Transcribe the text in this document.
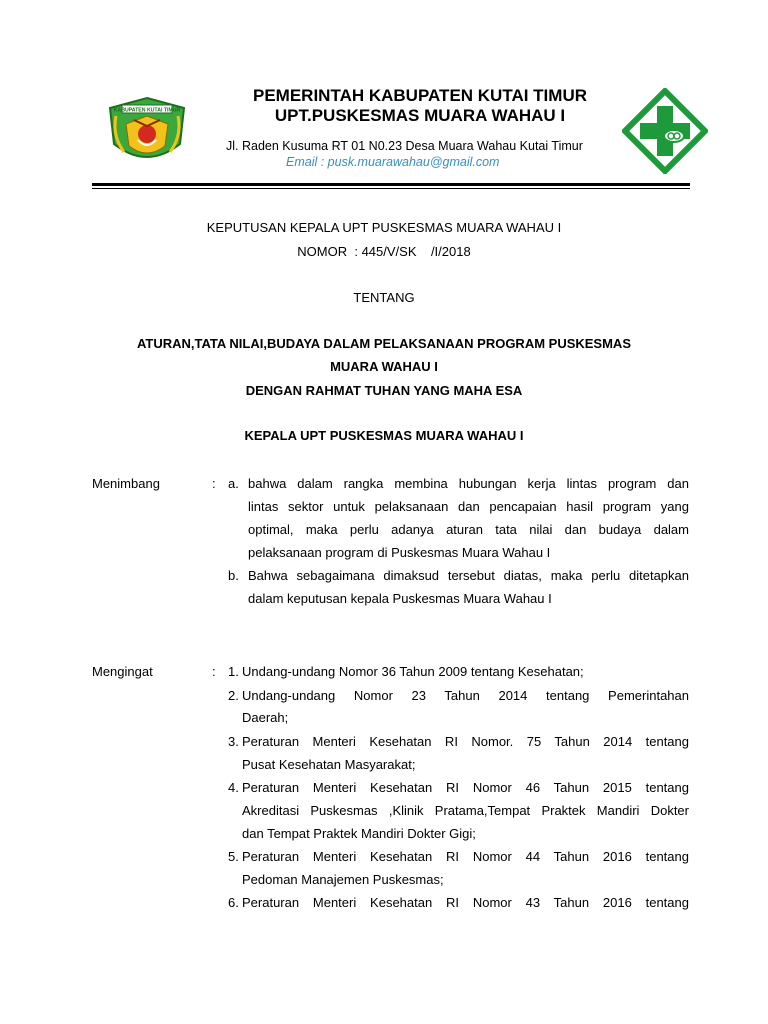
KABUPATEN KUTAI TIMUR
PEMERINTAH KABUPATEN KUTAI TIMUR
UPT.PUSKESMAS MUARA WAHAU I
Jl. Raden Kusuma RT 01 N0.23 Desa Muara Wahau Kutai Timur
Email : pusk.muarawahau@gmail.com
KEPUTUSAN KEPALA UPT PUSKESMAS MUARA WAHAU I
NOMOR  : 445/V/SK    /I/2018
TENTANG
ATURAN,TATA NILAI,BUDAYA DALAM PELAKSANAAN PROGRAM PUSKESMAS
MUARA WAHAU I
DENGAN RAHMAT TUHAN YANG MAHA ESA
KEPALA UPT PUSKESMAS MUARA WAHAU I
Menimbang	: a. bahwa dalam rangka membina hubungan kerja lintas program dan
lintas sektor untuk pelaksanaan dan pencapaian hasil program yang
optimal, maka perlu adanya aturan tata nilai dan budaya dalam
pelaksanaan program di Puskesmas Muara Wahau I
b. Bahwa sebagaimana dimaksud tersebut diatas, maka perlu ditetapkan
dalam keputusan kepala Puskesmas Muara Wahau I
Mengingat	: 1. Undang-undang Nomor 36 Tahun 2009 tentang Kesehatan;
2. Undang-undang Nomor 23 Tahun 2014 tentang Pemerintahan
Daerah;
3. Peraturan Menteri Kesehatan RI Nomor. 75 Tahun 2014 tentang
Pusat Kesehatan Masyarakat;
4. Peraturan Menteri Kesehatan RI Nomor 46 Tahun 2015 tentang
Akreditasi Puskesmas ,Klinik Pratama,Tempat Praktek Mandiri Dokter
dan Tempat Praktek Mandiri Dokter Gigi;
5. Peraturan Menteri Kesehatan RI Nomor 44 Tahun 2016 tentang
Pedoman Manajemen Puskesmas;
6. Peraturan Menteri Kesehatan RI Nomor 43 Tahun 2016 tentang
